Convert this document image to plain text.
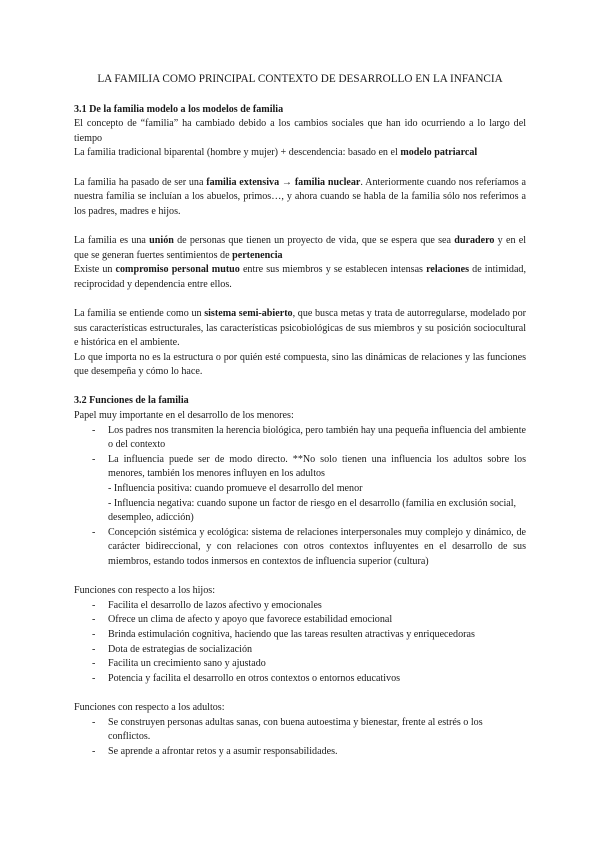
LA FAMILIA COMO PRINCIPAL CONTEXTO DE DESARROLLO EN LA INFANCIA

3.1 De la familia modelo a los modelos de familia

El concepto de “familia” ha cambiado debido a los cambios sociales que han ido ocurriendo a lo largo del tiempo

La familia tradicional biparental (hombre y mujer) + descendencia: basado en el modelo patriarcal

La familia ha pasado de ser una familia extensiva → familia nuclear. Anteriormente cuando nos referíamos a nuestra familia se incluían a los abuelos, primos…, y ahora cuando se habla de la familia sólo nos referimos a los padres, madres e hijos.

La familia es una unión de personas que tienen un proyecto de vida, que se espera que sea duradero y en el que se generan fuertes sentimientos de pertenencia

Existe un compromiso personal mutuo entre sus miembros y se establecen intensas relaciones de intimidad, reciprocidad y dependencia entre ellos.

La familia se entiende como un sistema semi-abierto, que busca metas y trata de autorregularse, modelado por sus características estructurales, las características psicobiológicas de sus miembros y su posición sociocultural e histórica en el ambiente.

Lo que importa no es la estructura o por quién esté compuesta, sino las dinámicas de relaciones y las funciones que desempeña y cómo lo hace.

3.2 Funciones de la familia

Papel muy importante en el desarrollo de los menores:

- Los padres nos transmiten la herencia biológica, pero también hay una pequeña influencia del ambiente o del contexto
- La influencia puede ser de modo directo. **No solo tienen una influencia los adultos sobre los menores, también los menores influyen en los adultos
- Influencia positiva: cuando promueve el desarrollo del menor
- Influencia negativa: cuando supone un factor de riesgo en el desarrollo (familia en exclusión social, desempleo, adicción)
- Concepción sistémica y ecológica: sistema de relaciones interpersonales muy complejo y dinámico, de carácter bidireccional, y con relaciones con otros contextos influyentes en el desarrollo de sus miembros, estando todos inmersos en contextos de influencia superior (cultura)

Funciones con respecto a los hijos:

- Facilita el desarrollo de lazos afectivo y emocionales
- Ofrece un clima de afecto y apoyo que favorece estabilidad emocional
- Brinda estimulación cognitiva, haciendo que las tareas resulten atractivas y enriquecedoras
- Dota de estrategias de socialización
- Facilita un crecimiento sano y ajustado
- Potencia y facilita el desarrollo en otros contextos o entornos educativos

Funciones con respecto a los adultos:

- Se construyen personas adultas sanas, con buena autoestima y bienestar, frente al estrés o los conflictos.
- Se aprende a afrontar retos y a asumir responsabilidades.
